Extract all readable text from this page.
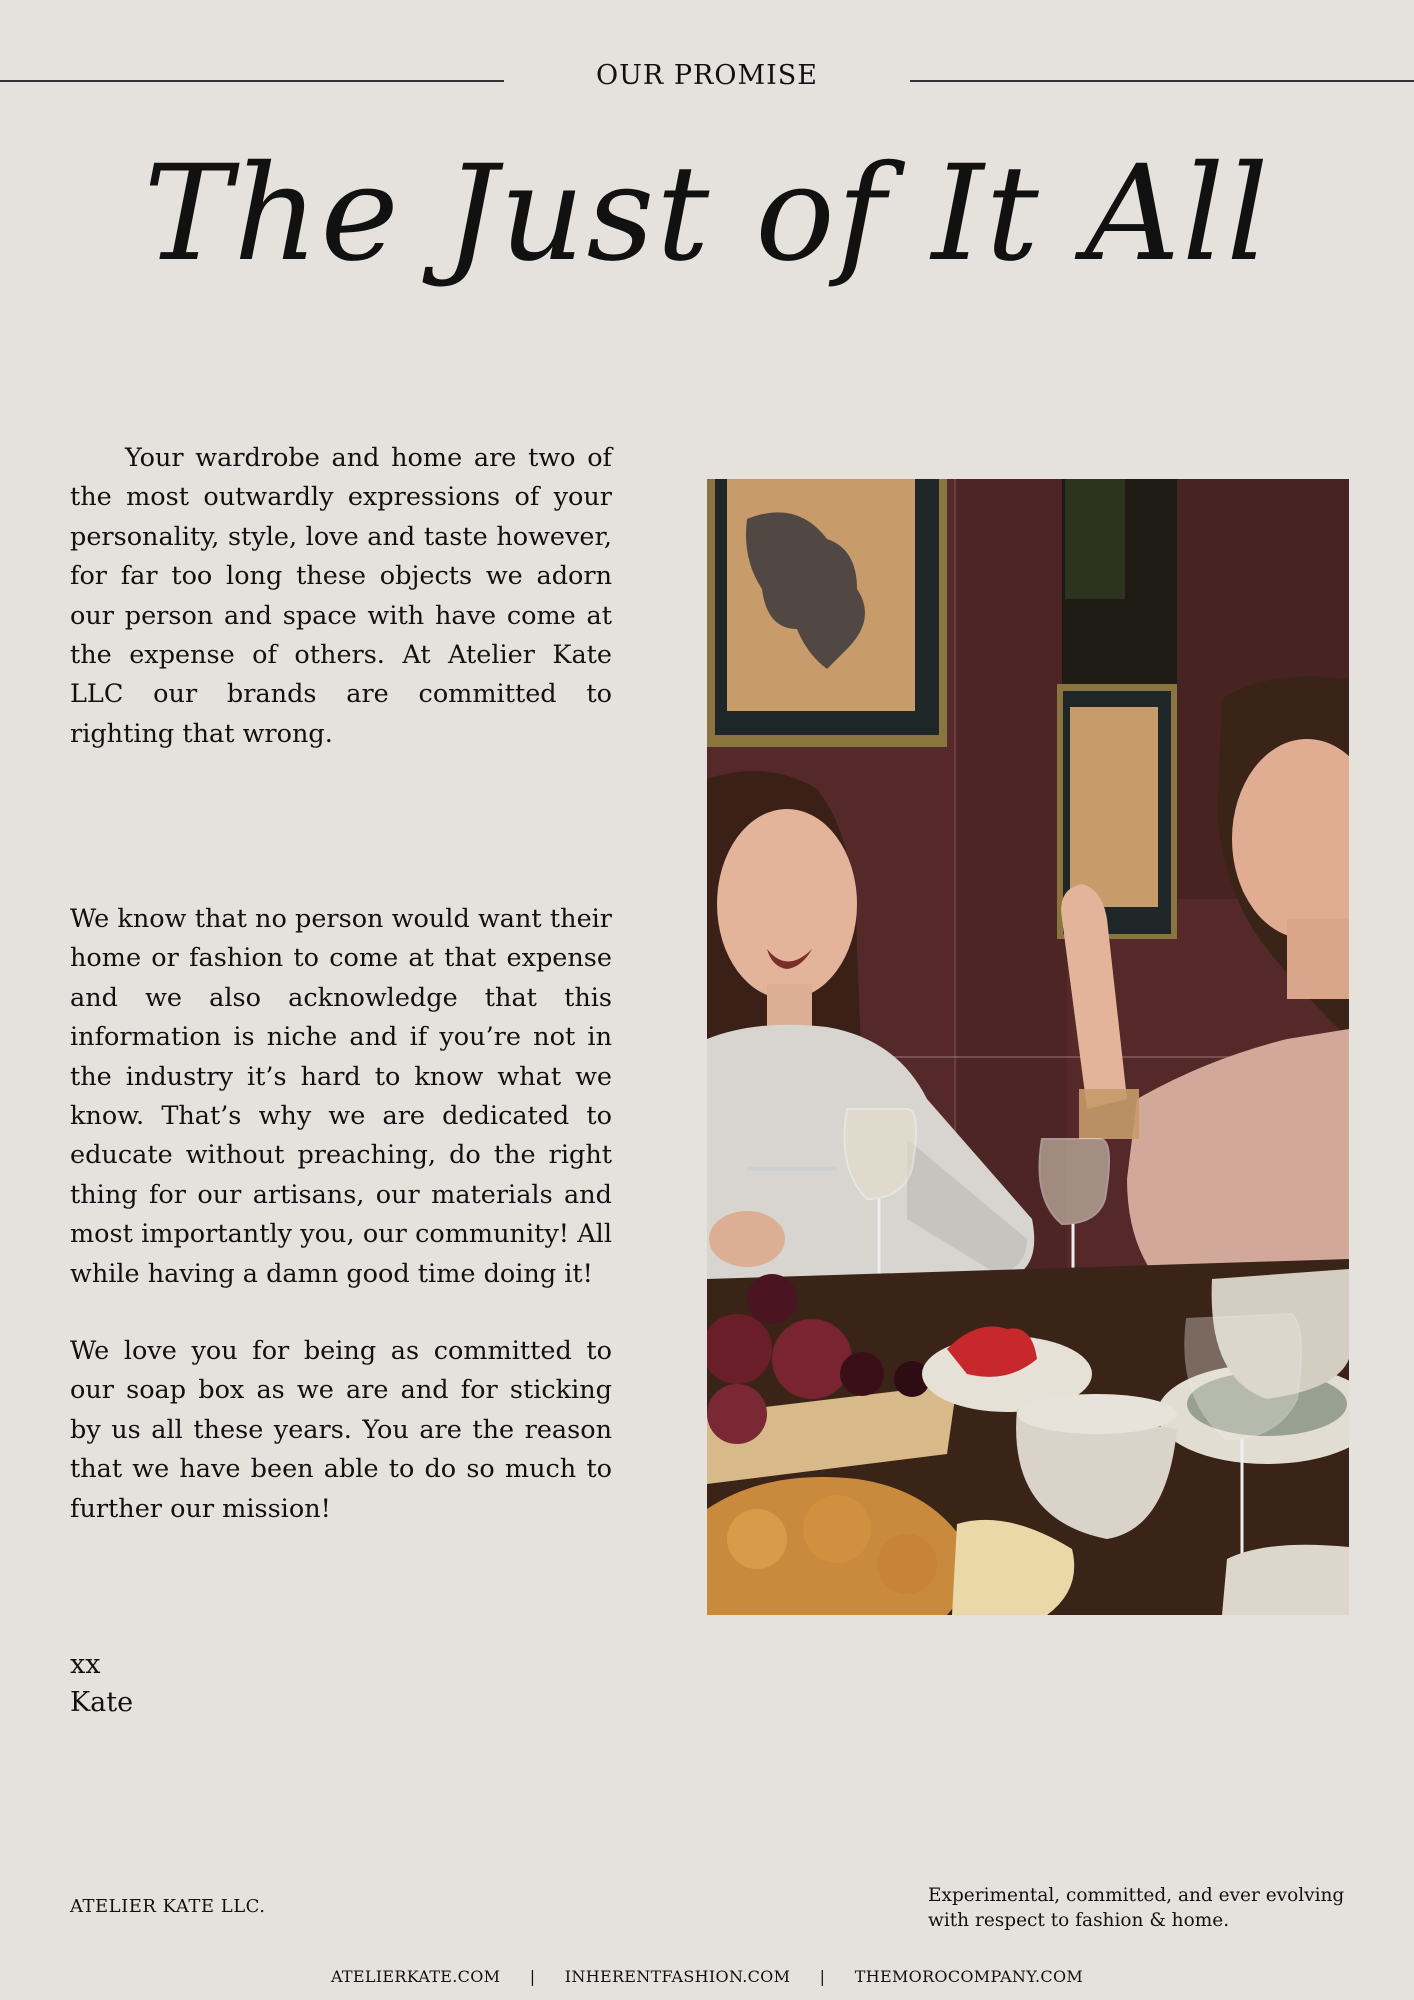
OUR PROMISE
The Just of It All

Your wardrobe and home are two of the most outwardly expressions of your personality, style, love and taste however, for far too long these objects we adorn our person and space with have come at the expense of others. At Atelier Kate LLC our brands are committed to righting that wrong.

We know that no person would want their home or fashion to come at that expense and we also acknowledge that this information is niche and if you’re not in the industry it’s hard to know what we know. That’s why we are dedicated to educate without preaching, do the right thing for our artisans, our materials and most importantly you, our community! All while having a damn good time doing it!

We love you for being as committed to our soap box as we are and for sticking by us all these years. You are the reason that we have been able to do so much to further our mission!

xx
Kate
ATELIER KATE LLC.
Experimental, committed, and ever evolving with respect to fashion & home.
ATELIERKATE.COM | INHERENTFASHION.COM | THEMOROCOMPANY.COM
